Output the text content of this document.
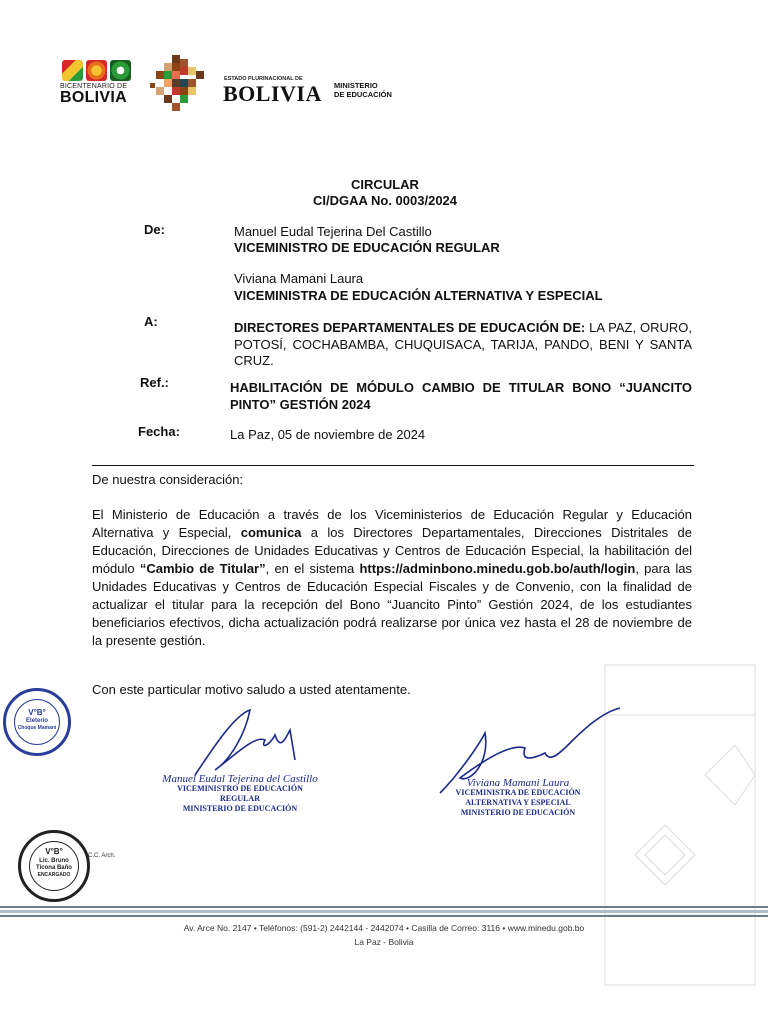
BICENTENARIO DE
BOLIVIA
ESTADO PLURINACIONAL DE
BOLIVIA MINISTERIO
DE EDUCACIÓN
CIRCULAR
CI/DGAA No. 0003/2024
De:	Manuel Eudal Tejerina Del Castillo
VICEMINISTRO DE EDUCACIÓN REGULAR
Viviana Mamani Laura
VICEMINISTRA DE EDUCACIÓN ALTERNATIVA Y ESPECIAL
A:	DIRECTORES DEPARTAMENTALES DE EDUCACIÓN DE: LA PAZ, ORURO, POTOSÍ, COCHABAMBA, CHUQUISACA, TARIJA, PANDO, BENI Y SANTA CRUZ.
Ref.:	HABILITACIÓN DE MÓDULO CAMBIO DE TITULAR BONO “JUANCITO PINTO” GESTIÓN 2024
Fecha:	La Paz, 05 de noviembre de 2024
De nuestra consideración:
El Ministerio de Educación a través de los Viceministerios de Educación Regular y Educación Alternativa y Especial, comunica a los Directores Departamentales, Direcciones Distritales de Educación, Direcciones de Unidades Educativas y Centros de Educación Especial, la habilitación del módulo “Cambio de Titular”, en el sistema https://adminbono.minedu.gob.bo/auth/login, para las Unidades Educativas y Centros de Educación Especial Fiscales y de Convenio, con la finalidad de actualizar el titular para la recepción del Bono “Juancito Pinto” Gestión 2024, de los estudiantes beneficiarios efectivos, dicha actualización podrá realizarse por única vez hasta el 28 de noviembre de la presente gestión.
Con este particular motivo saludo a usted atentamente.
V°B°
Eleterio
Choque Mamani
Manuel Eudal Tejerina del Castillo
VICEMINISTRO DE EDUCACIÓN REGULAR
MINISTERIO DE EDUCACIÓN
Viviana Mamani Laura
VICEMINISTRA DE EDUCACIÓN
ALTERNATIVA Y ESPECIAL
MINISTERIO DE EDUCACIÓN
V°B°
Lic. Bruno
Ticona Baño
ENCARGADO
C.C. Arch.
Av. Arce No. 2147 • Teléfonos: (591-2) 2442144 - 2442074 • Casilla de Correo: 3116 • www.minedu.gob.bo
La Paz - Bolivia
